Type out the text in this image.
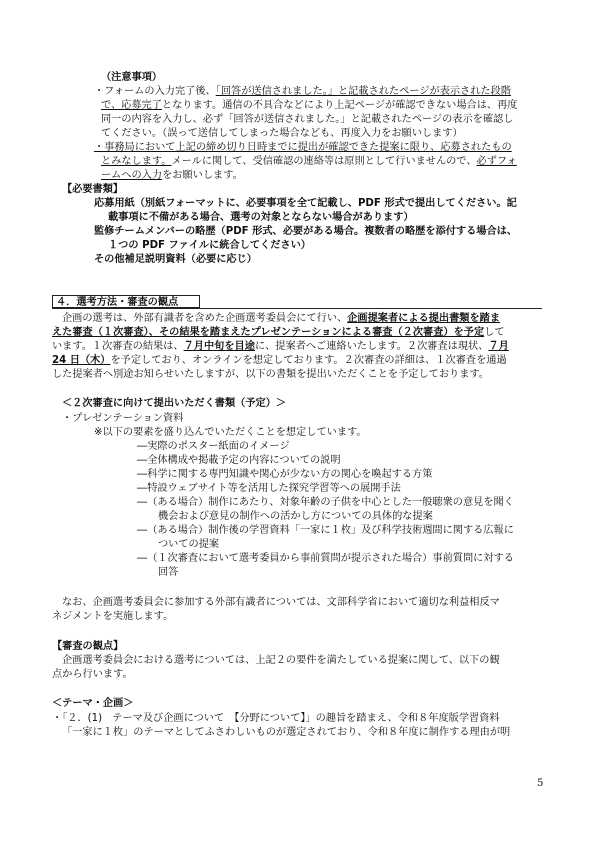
（注意事項）
・フォームの入力完了後、「回答が送信されました。」と記載されたページが表示された段階
で、応募完了となります。通信の不具合などにより上記ページが確認できない場合は、再度
同一の内容を入力し、必ず「回答が送信されました。」と記載されたページの表示を確認し
てください。（誤って送信してしまった場合なども、再度入力をお願いします）
・事務局において上記の締め切り日時までに提出が確認できた提案に限り、応募されたもの
とみなします。メールに関して、受信確認の連絡等は原則として行いませんので、必ずフォ
ームへの入力をお願いします。
【必要書類】
応募用紙（別紙フォーマットに、必要事項を全て記載し、PDF 形式で提出してください。記
載事項に不備がある場合、選考の対象とならない場合があります）
監修チームメンバーの略歴（PDF 形式、必要がある場合。複数者の略歴を添付する場合は、
１つの PDF ファイルに統合してください）
その他補足説明資料（必要に応じ）
４．選考方法・審査の観点
企画の選考は、外部有識者を含めた企画選考委員会にて行い、企画提案者による提出書類を踏ま
えた審査（１次審査）、その結果を踏まえたプレゼンテーションによる審査（２次審査）を予定して
います。１次審査の結果は、７月中旬を目途に、提案者へご連絡いたします。２次審査は現状、７月
24 日（木）を予定しており、オンラインを想定しております。２次審査の詳細は、１次審査を通過
した提案者へ別途お知らせいたしますが、以下の書類を提出いただくことを予定しております。
＜２次審査に向けて提出いただく書類（予定）＞
・プレゼンテーション資料
※以下の要素を盛り込んでいただくことを想定しています。
―実際のポスター紙面のイメージ
―全体構成や掲載予定の内容についての説明
―科学に関する専門知識や関心が少ない方の関心を喚起する方策
―特設ウェブサイト等を活用した探究学習等への展開手法
―（ある場合）制作にあたり、対象年齢の子供を中心とした一般聴衆の意見を聞く
機会および意見の制作への活かし方についての具体的な提案
―（ある場合）制作後の学習資料「一家に１枚」及び科学技術週間に関する広報に
ついての提案
―（１次審査において選考委員から事前質問が提示された場合）事前質問に対する
回答
なお、企画選考委員会に参加する外部有識者については、文部科学省において適切な利益相反マ
ネジメントを実施します。
【審査の観点】
企画選考委員会における選考については、上記２の要件を満たしている提案に関して、以下の観
点から行います。
＜テーマ・企画＞
・「２．(1)　テーマ及び企画について　【分野について】」の趣旨を踏まえ、令和８年度版学習資料
「一家に１枚」のテーマとしてふさわしいものが選定されており、令和８年度に制作する理由が明
5
